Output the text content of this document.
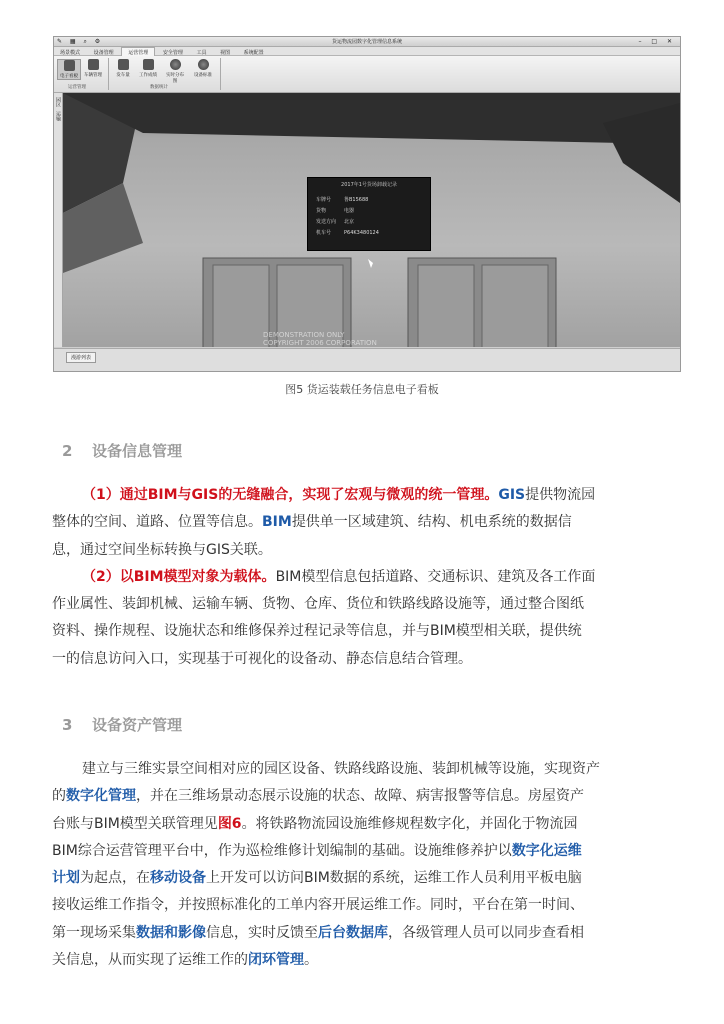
✎ ▦ ⌕ ⚙	货运物流园数字化管理信息系统	– □ ✕
场景模式	设备管理	运营管理	安全管理	工具	视图	系统配置
电子看板	车辆管理	发车量	工作成绩	实时分布图
设备标准
运营管理	数据统计
园区
运输
2017年1号货场卸载记录
车牌号	鲁B15688
货物	电器
发送方向 北京
机车号	P64K3480124
DEMONSTRATION ONLY
COPYRIGHT 2006 CORPORATION
漫游列表
图5 货运装载任务信息电子看板
2 设备信息管理
（1）通过BIM与GIS的无缝融合，实现了宏观与微观的统一管理。GIS提供物流园
整体的空间、道路、位置等信息。BIM提供单一区域建筑、结构、机电系统的数据信
息，通过空间坐标转换与GIS关联。
（2）以BIM模型对象为载体。BIM模型信息包括道路、交通标识、建筑及各工作面
作业属性、装卸机械、运输车辆、货物、仓库、货位和铁路线路设施等，通过整合图纸
资料、操作规程、设施状态和维修保养过程记录等信息，并与BIM模型相关联，提供统
一的信息访问入口，实现基于可视化的设备动、静态信息结合管理。
3 设备资产管理
建立与三维实景空间相对应的园区设备、铁路线路设施、装卸机械等设施，实现资产
的数字化管理，并在三维场景动态展示设施的状态、故障、病害报警等信息。房屋资产
台账与BIM模型关联管理见图6。将铁路物流园设施维修规程数字化，并固化于物流园
BIM综合运营管理平台中，作为巡检维修计划编制的基础。设施维修养护以数字化运维
计划为起点，在移动设备上开发可以访问BIM数据的系统，运维工作人员利用平板电脑
接收运维工作指令，并按照标准化的工单内容开展运维工作。同时，平台在第一时间、
第一现场采集数据和影像信息，实时反馈至后台数据库，各级管理人员可以同步查看相
关信息，从而实现了运维工作的闭环管理。
